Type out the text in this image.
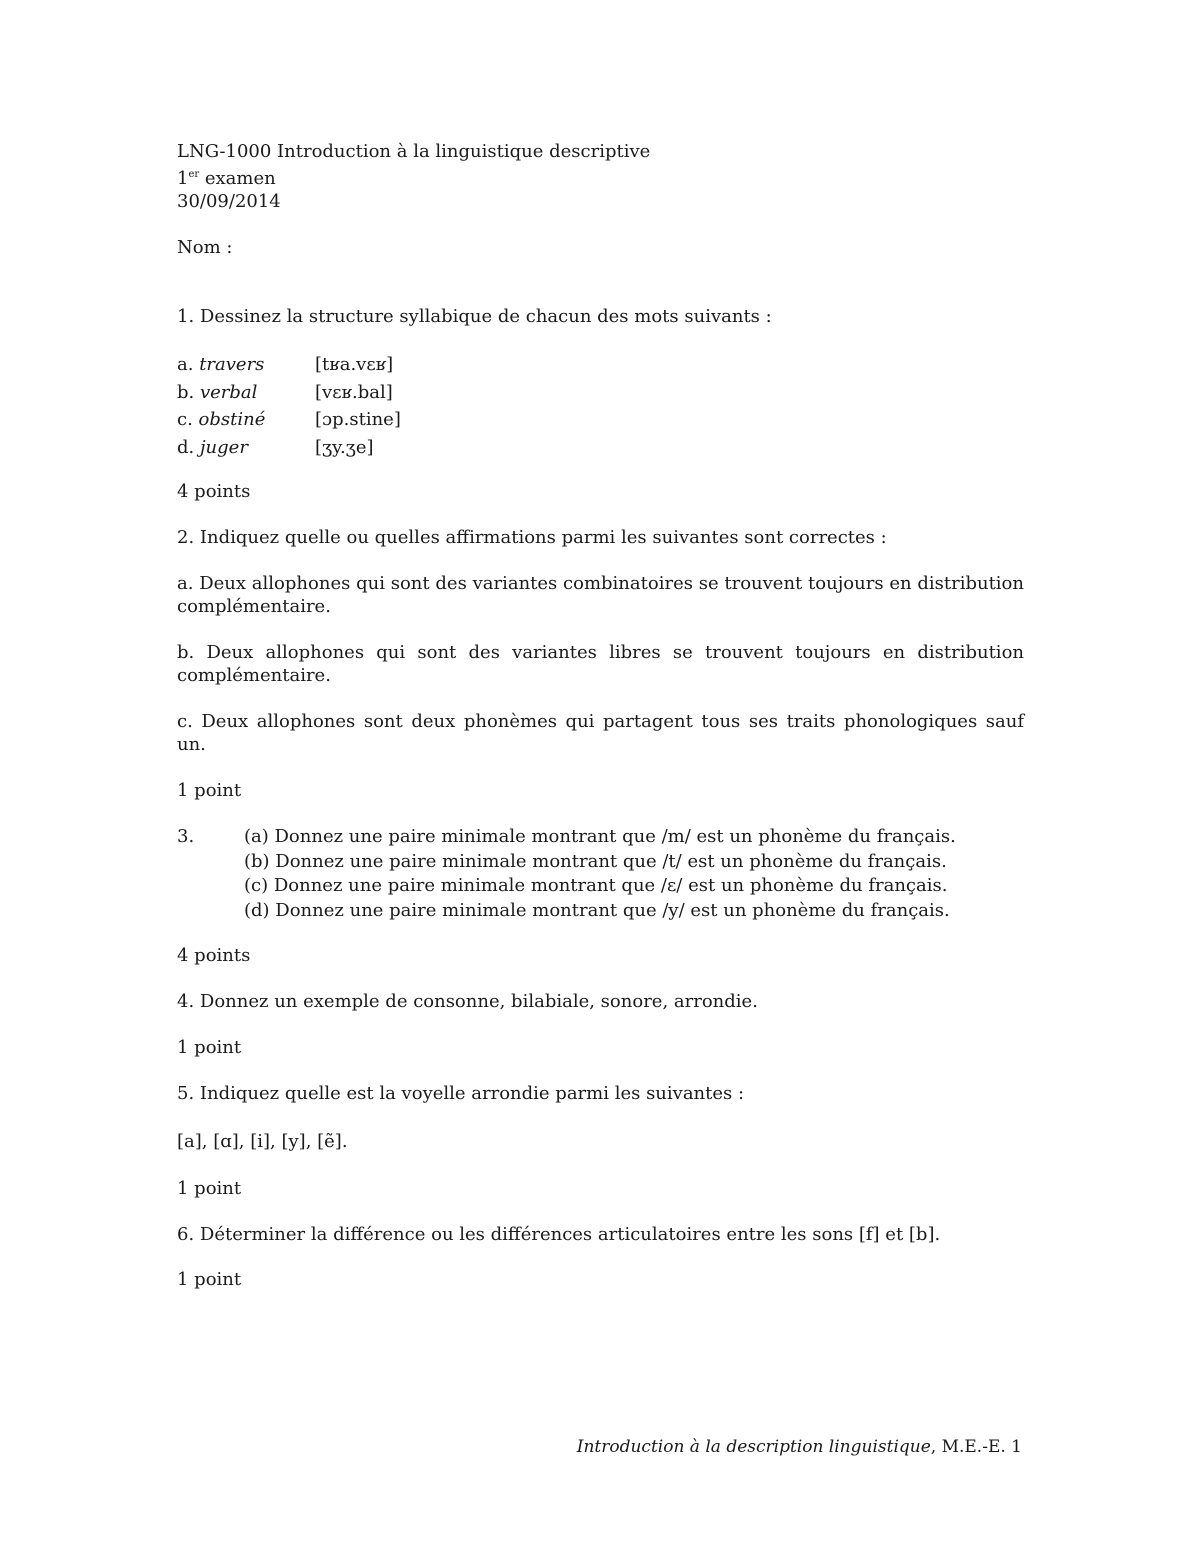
LNG-1000 Introduction à la linguistique descriptive
1er examen
30/09/2014
Nom :
1. Dessinez la structure syllabique de chacun des mots suivants :
a. travers	[tʁa.vɛʁ]
b. verbal	[vɛʁ.bal]
c. obstiné	[ɔp.stine]
d. juger	[ʒy.ʒe]
4 points
2. Indiquez quelle ou quelles affirmations parmi les suivantes sont correctes :
a. Deux allophones qui sont des variantes combinatoires se trouvent toujours en distribution complémentaire.
b. Deux allophones qui sont des variantes libres se trouvent toujours en distribution complémentaire.
c. Deux allophones sont deux phonèmes qui partagent tous ses traits phonologiques sauf un.
1 point
3.	(a) Donnez une paire minimale montrant que /m/ est un phonème du français.
(b) Donnez une paire minimale montrant que /t/ est un phonème du français.
(c) Donnez une paire minimale montrant que /ɛ/ est un phonème du français.
(d) Donnez une paire minimale montrant que /y/ est un phonème du français.
4 points
4. Donnez un exemple de consonne, bilabiale, sonore, arrondie.
1 point
5. Indiquez quelle est la voyelle arrondie parmi les suivantes :
[a], [ɑ], [i], [y], [ẽ].
1 point
6. Déterminer la différence ou les différences articulatoires entre les sons [f] et [b].
1 point
Introduction à la description linguistique, M.E.-E. 1
